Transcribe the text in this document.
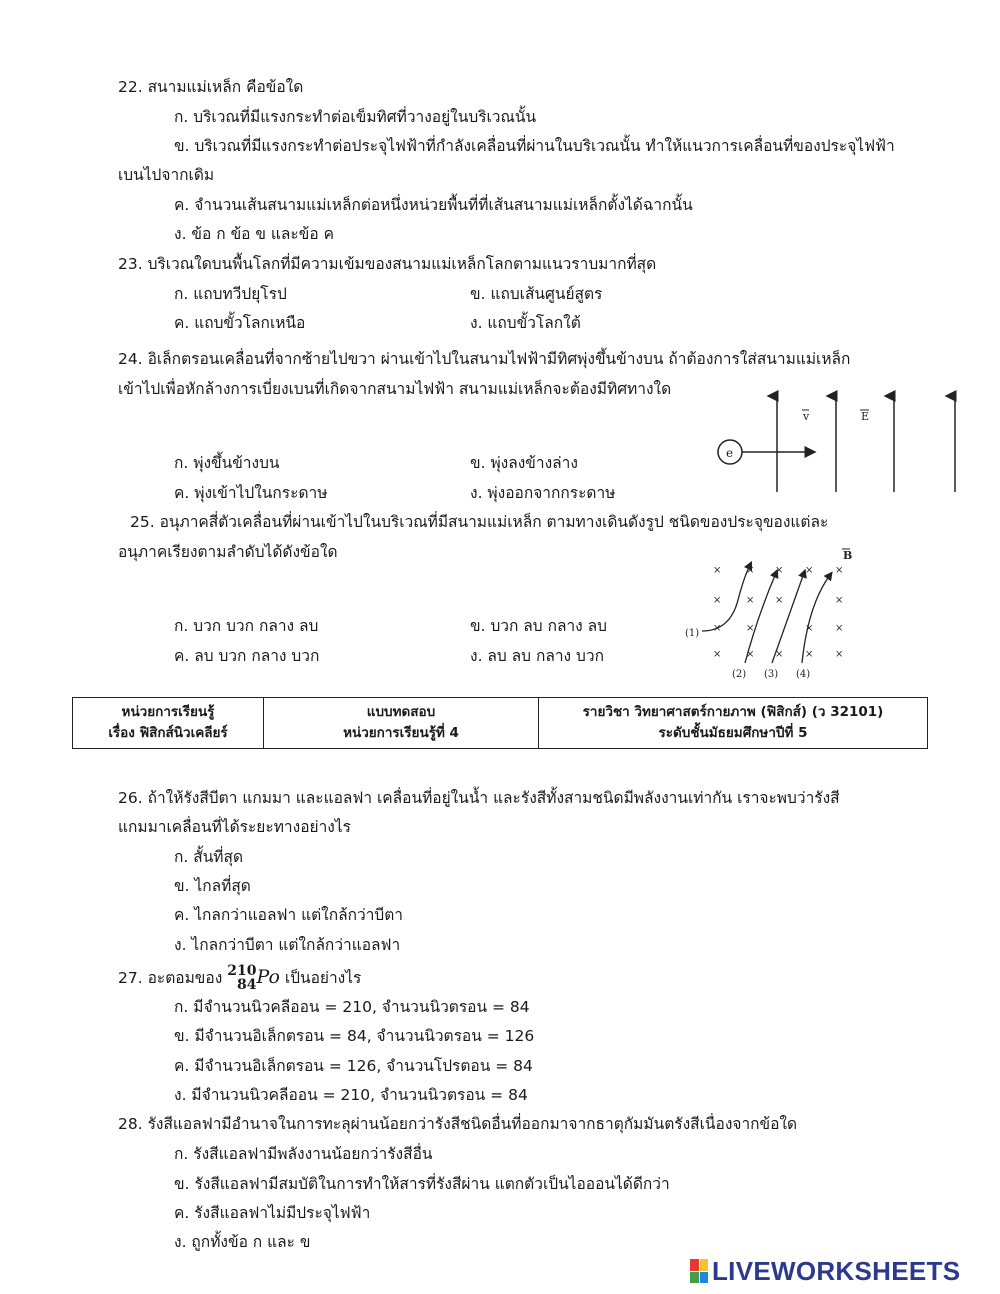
22. สนามแม่เหล็ก คือข้อใด
ก. บริเวณที่มีแรงกระทำต่อเข็มทิศที่วางอยู่ในบริเวณนั้น
ข. บริเวณที่มีแรงกระทำต่อประจุไฟฟ้าที่กำลังเคลื่อนที่ผ่านในบริเวณนั้น ทำให้แนวการเคลื่อนที่ของประจุไฟฟ้า
เบนไปจากเดิม
ค. จำนวนเส้นสนามแม่เหล็กต่อหนึ่งหน่วยพื้นที่ที่เส้นสนามแม่เหล็กตั้งได้ฉากนั้น
ง. ข้อ ก ข้อ ข และข้อ ค
23. บริเวณใดบนพื้นโลกที่มีความเข้มของสนามแม่เหล็กโลกตามแนวราบมากที่สุด
ก. แถบทวีปยุโรป	ข. แถบเส้นศูนย์สูตร
ค. แถบขั้วโลกเหนือ	ง. แถบขั้วโลกใต้
24. อิเล็กตรอนเคลื่อนที่จากซ้ายไปขวา ผ่านเข้าไปในสนามไฟฟ้ามีทิศพุ่งขึ้นข้างบน ถ้าต้องการใส่สนามแม่เหล็ก
เข้าไปเพื่อหักล้างการเบี่ยงเบนที่เกิดจากสนามไฟฟ้า สนามแม่เหล็กจะต้องมีทิศทางใด
ก. พุ่งขึ้นข้างบน	ข. พุ่งลงข้างล่าง
ค. พุ่งเข้าไปในกระดาษ	ง. พุ่งออกจากกระดาษ
e
v	E
25. อนุภาคสี่ตัวเคลื่อนที่ผ่านเข้าไปในบริเวณที่มีสนามแม่เหล็ก ตามทางเดินดังรูป ชนิดของประจุของแต่ละ
อนุภาคเรียงตามลำดับได้ดังข้อใด
ก. บวก บวก กลาง ลบ	ข. บวก ลบ กลาง ลบ
ค. ลบ บวก กลาง บวก	ง. ลบ ลบ กลาง บวก
B
× × × × ×
× × ×	×
× ×	× ×
× × × × ×
(1)
(2) (3) (4)
หน่วยการเรียนรู้
เรื่อง ฟิสิกส์นิวเคลียร์

แบบทดสอบ
หน่วยการเรียนรู้ที่ 4

รายวิชา วิทยาศาสตร์กายภาพ (ฟิสิกส์) (ว 32101)
ระดับชั้นมัธยมศึกษาปีที่ 5
26. ถ้าให้รังสีบีตา แกมมา และแอลฟา เคลื่อนที่อยู่ในน้ำ และรังสีทั้งสามชนิดมีพลังงานเท่ากัน เราจะพบว่ารังสี
แกมมาเคลื่อนที่ได้ระยะทางอย่างไร
ก. สั้นที่สุด
ข. ไกลที่สุด
ค. ไกลกว่าแอลฟา แต่ใกล้กว่าบีตา
ง. ไกลกว่าบีตา แต่ใกล้กว่าแอลฟา
27. อะตอมของ 210
84Po เป็นอย่างไร
ก. มีจำนวนนิวคลีออน = 210, จำนวนนิวตรอน = 84
ข. มีจำนวนอิเล็กตรอน = 84, จำนวนนิวตรอน = 126
ค. มีจำนวนอิเล็กตรอน = 126, จำนวนโปรตอน = 84
ง. มีจำนวนนิวคลีออน = 210, จำนวนนิวตรอน = 84
28. รังสีแอลฟามีอำนาจในการทะลุผ่านน้อยกว่ารังสีชนิดอื่นที่ออกมาจากธาตุกัมมันตรังสีเนื่องจากข้อใด
ก. รังสีแอลฟามีพลังงานน้อยกว่ารังสีอื่น
ข. รังสีแอลฟามีสมบัติในการทำให้สารที่รังสีผ่าน แตกตัวเป็นไอออนได้ดีกว่า
ค. รังสีแอลฟาไม่มีประจุไฟฟ้า
ง. ถูกทั้งข้อ ก และ ข
LIVEWORKSHEETS
